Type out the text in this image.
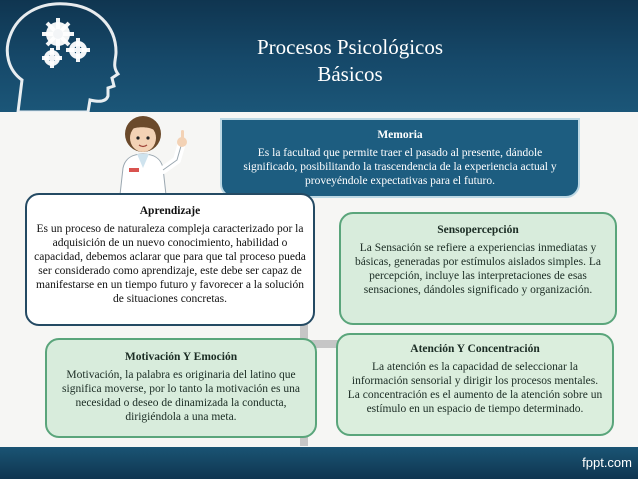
Procesos Psicológicos
Básicos
Memoria
Es la facultad que permite traer el pasado al presente, dándole significado, posibilitando la trascendencia de la experiencia actual y proveyéndole expectativas para el futuro.
Sensopercepción
La Sensación se refiere a experiencias inmediatas y básicas, generadas por estímulos aislados simples. La percepción, incluye las interpretaciones de esas sensaciones, dándoles significado y organización.
Atención Y Concentración
La atención es la capacidad de seleccionar la información sensorial y dirigir los procesos mentales. La concentración es el aumento de la atención sobre un estímulo en un espacio de tiempo determinado.
Motivación Y Emoción
Motivación, la palabra es originaria del latino que significa moverse, por lo tanto la motivación es una necesidad o deseo de dinamizada la conducta, dirigiéndola a una meta.
Aprendizaje
Es un proceso de naturaleza compleja caracterizado por la adquisición de un nuevo conocimiento, habilidad o capacidad, debemos aclarar que para que tal proceso pueda ser considerado como aprendizaje, este debe ser capaz de manifestarse en un tiempo futuro y favorecer a la solución de situaciones concretas.
fppt.com
